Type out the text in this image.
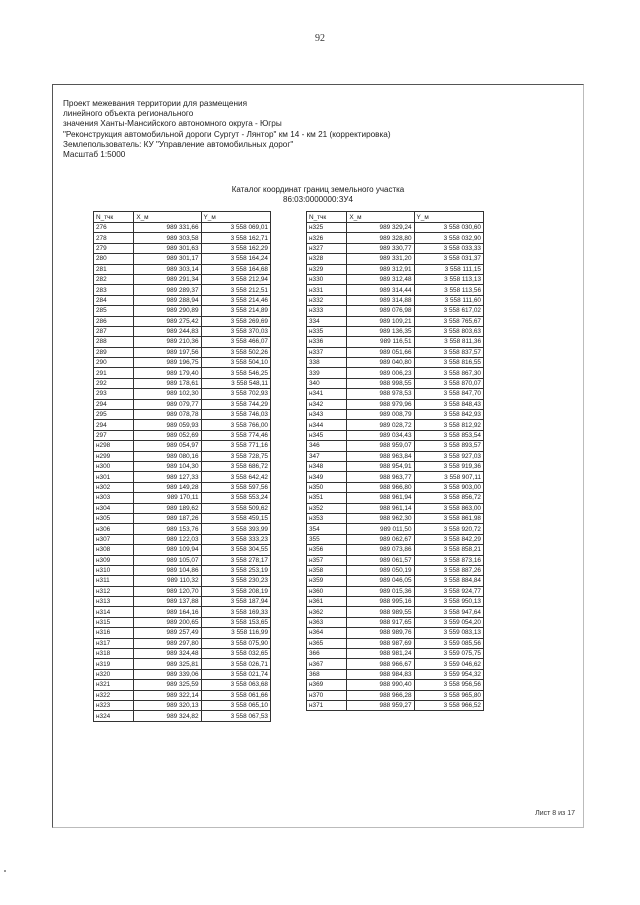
92
Проект межевания территории для размещения
линейного объекта регионального
значения Ханты-Мансийского автономного округа - Югры
"Реконструкция автомобильной дороги Сургут - Лянтор" км 14 - км 21 (корректировка)
Землепользователь: КУ "Управление автомобильных дорог"
Масштаб 1:5000
Каталог координат границ земельного участка
86:03:0000000:ЗУ4
N_тчк	X_м	Y_м
276	989 331,66	3 558 069,01
278	989 303,58	3 558 162,71
279	989 301,63	3 558 162,29
280	989 301,17	3 558 164,24
281	989 303,14	3 558 164,68
282	989 291,34	3 558 212,94
283	989 289,37	3 558 212,51
284	989 288,94	3 558 214,46
285	989 290,89	3 558 214,89
286	989 275,42	3 558 269,69
287	989 244,83	3 558 370,03
288	989 210,36	3 558 466,07
289	989 197,56	3 558 502,26
290	989 196,75	3 558 504,10
291	989 179,40	3 558 546,25
292	989 178,61	3 558 548,11
293	989 102,30	3 558 702,93
294	989 079,77	3 558 744,29
295	989 078,78	3 558 746,03
294	989 059,93	3 558 766,00
297	989 052,69	3 558 774,46
н298	989 054,97	3 558 771,16
н299	989 080,16	3 558 728,75
н300	989 104,30	3 558 686,72
н301	989 127,33	3 558 642,42
н302	989 149,28	3 558 597,56
н303	989 170,11	3 558 553,24
н304	989 189,62	3 558 509,62
н305	989 187,26	3 558 459,15
н306	989 153,76	3 558 393,99
н307	989 122,03	3 558 333,23
н308	989 109,94	3 558 304,55
н309	989 105,07	3 558 278,17
н310	989 104,86	3 558 253,19
н311	989 110,32	3 558 230,23
н312	989 120,70	3 558 208,19
н313	989 137,88	3 558 187,94
н314	989 164,16	3 558 169,33
н315	989 200,65	3 558 153,65
н316	989 257,49	3 558 116,99
н317	989 297,80	3 558 075,90
н318	989 324,48	3 558 032,65
н319	989 325,81	3 558 026,71
н320	989 339,06	3 558 021,74
н321	989 325,59	3 558 063,68
н322	989 322,14	3 558 061,66
н323	989 320,13	3 558 065,10
н324	989 324,82	3 558 067,53
N_тчк	X_м	Y_м
н325	989 329,24	3 558 030,60
н326	989 328,80	3 558 032,90
н327	989 330,77	3 558 033,33
н328	989 331,20	3 558 031,37
н329	989 312,91	3 558 111,15
н330	989 312,48	3 558 113,13
н331	989 314,44	3 558 113,56
н332	989 314,88	3 558 111,60
н333	989 076,98	3 558 617,02
334	989 109,21	3 558 765,67
н335	989 136,35	3 558 803,63
н336	989 116,51	3 558 811,36
н337	989 051,66	3 558 837,57
338	989 040,80	3 558 816,55
339	989 006,23	3 558 867,30
340	988 998,55	3 558 870,07
н341	988 978,53	3 558 847,70
н342	988 979,96	3 558 848,43
н343	989 008,79	3 558 842,93
н344	989 028,72	3 558 812,92
н345	989 034,43	3 558 853,54
346	988 959,07	3 558 893,57
347	988 963,84	3 558 927,03
н348	988 954,91	3 558 919,36
н349	988 963,77	3 558 907,11
н350	988 966,80	3 558 903,00
н351	988 961,94	3 558 856,72
н352	988 961,14	3 558 863,00
н353	988 962,30	3 558 861,98
354	989 011,50	3 558 920,72
355	989 062,67	3 558 842,29
н356	989 073,86	3 558 858,21
н357	989 061,57	3 558 873,16
н358	989 050,19	3 558 887,26
н359	989 046,05	3 558 884,84
н360	989 015,36	3 558 924,77
н361	988 995,16	3 558 950,13
н362	988 989,55	3 558 947,64
н363	988 917,65	3 559 054,20
н364	988 989,76	3 559 083,13
н365	988 987,69	3 559 085,56
366	988 981,24	3 559 075,75
н367	988 966,67	3 559 046,62
368	988 984,83	3 559 954,32
н369	988 990,40	3 558 956,56
н370	988 966,28	3 558 965,80
н371	988 959,27	3 558 966,52
Лист 8 из 17
